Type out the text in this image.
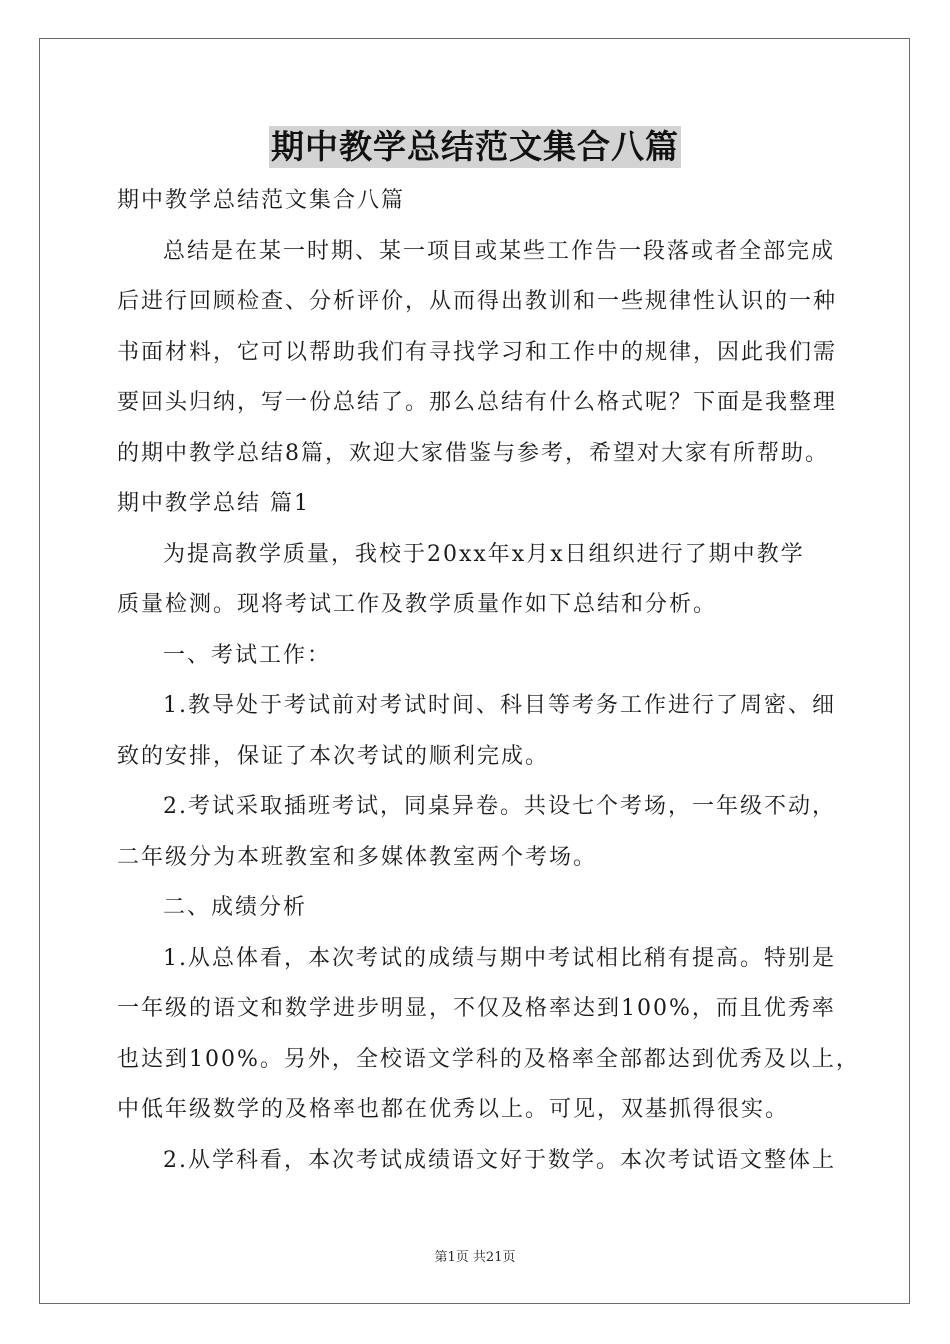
期中教学总结范文集合八篇
期中教学总结范文集合八篇
总结是在某一时期、某一项目或某些工作告一段落或者全部完成
后进行回顾检查、分析评价，从而得出教训和一些规律性认识的一种
书面材料，它可以帮助我们有寻找学习和工作中的规律，因此我们需
要回头归纳，写一份总结了。那么总结有什么格式呢？下面是我整理
的期中教学总结8篇，欢迎大家借鉴与参考，希望对大家有所帮助。
期中教学总结 篇1
为提高教学质量，我校于20xx年x月x日组织进行了期中教学
质量检测。现将考试工作及教学质量作如下总结和分析。
一、考试工作：
1.教导处于考试前对考试时间、科目等考务工作进行了周密、细
致的安排，保证了本次考试的顺利完成。
2.考试采取插班考试，同桌异卷。共设七个考场，一年级不动，
二年级分为本班教室和多媒体教室两个考场。
二、成绩分析
1.从总体看，本次考试的成绩与期中考试相比稍有提高。特别是
一年级的语文和数学进步明显，不仅及格率达到100%，而且优秀率
也达到100%。另外，全校语文学科的及格率全部都达到优秀及以上，
中低年级数学的及格率也都在优秀以上。可见，双基抓得很实。
2.从学科看，本次考试成绩语文好于数学。本次考试语文整体上
第1页 共21页
